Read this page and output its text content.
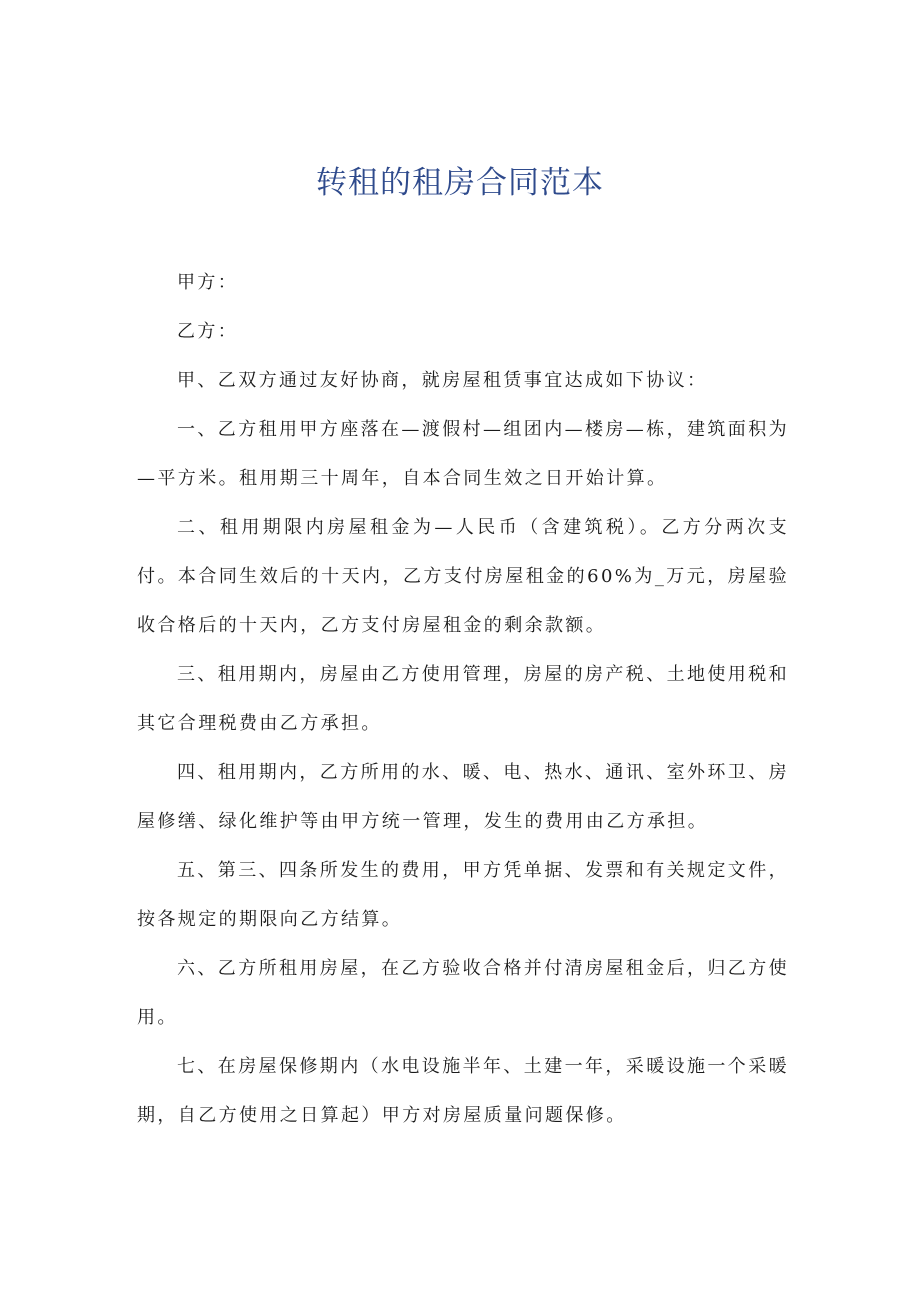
转租的租房合同范本

甲方：

乙方：

甲、乙双方通过友好协商，就房屋租赁事宜达成如下协议：

一、乙方租用甲方座落在—渡假村—组团内—楼房—栋，建筑面积为—平方米。租用期三十周年，自本合同生效之日开始计算。

二、租用期限内房屋租金为—人民币（含建筑税）。乙方分两次支付。本合同生效后的十天内，乙方支付房屋租金的60%为_万元，房屋验收合格后的十天内，乙方支付房屋租金的剩余款额。

三、租用期内，房屋由乙方使用管理，房屋的房产税、土地使用税和其它合理税费由乙方承担。

四、租用期内，乙方所用的水、暖、电、热水、通讯、室外环卫、房屋修缮、绿化维护等由甲方统一管理，发生的费用由乙方承担。

五、第三、四条所发生的费用，甲方凭单据、发票和有关规定文件，按各规定的期限向乙方结算。

六、乙方所租用房屋，在乙方验收合格并付清房屋租金后，归乙方使用。

七、在房屋保修期内（水电设施半年、土建一年，采暖设施一个采暖期，自乙方使用之日算起）甲方对房屋质量问题保修。
